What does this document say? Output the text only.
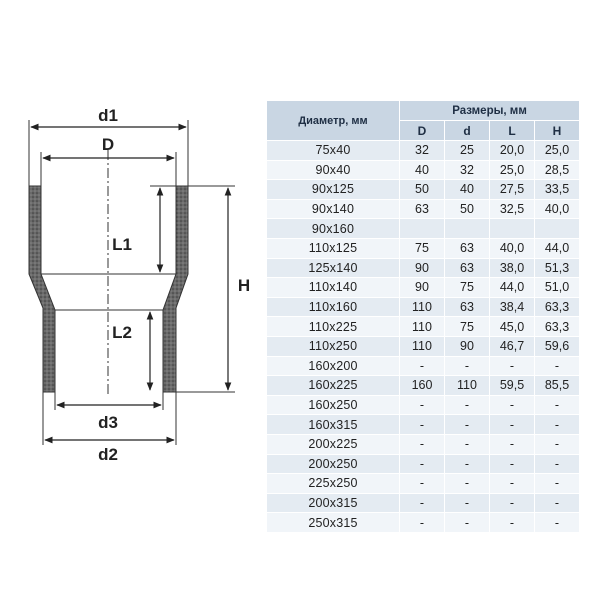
d1
D
L1
L2
H
d3
d2
Диаметр, мм	Размеры, мм			
	D	d	L	H
75x40	32	25	20,0	25,0
90x40	40	32	25,0	28,5
90x125	50	40	27,5	33,5
90x140	63	50	32,5	40,0
90x160				
110x125	75	63	40,0	44,0
125x140	90	63	38,0	51,3
110x140	90	75	44,0	51,0
110x160	110	63	38,4	63,3
110x225	110	75	45,0	63,3
110x250	110	90	46,7	59,6
160x200	-	-	-	-
160x225	160	110	59,5	85,5
160x250	-	-	-	-
160x315	-	-	-	-
200x225	-	-	-	-
200x250	-	-	-	-
225x250	-	-	-	-
200x315	-	-	-	-
250x315	-	-	-	-
